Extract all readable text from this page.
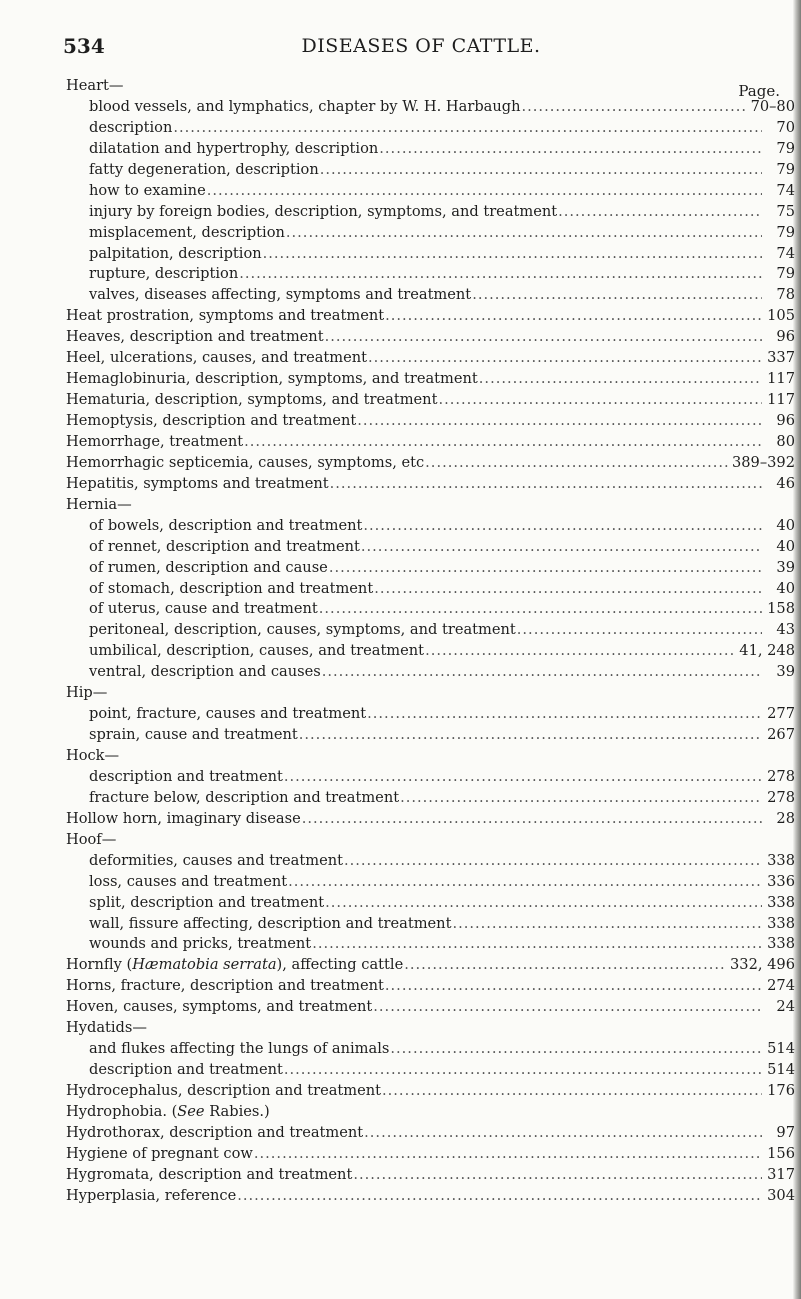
534	DISEASES OF CATTLE.
Page.
Heart—
blood vessels, and lymphatics, chapter by W. H. Harbaugh .....	70–80
description .....	70
dilatation and hypertrophy, description .....	79
fatty degeneration, description .....	79
how to examine .....	74
injury by foreign bodies, description, symptoms, and treatment .....	75
misplacement, description .....	79
palpitation, description .....	74
rupture, description .....	79
valves, diseases affecting, symptoms and treatment .....	78
Heat prostration, symptoms and treatment .....	105
Heaves, description and treatment .....	96
Heel, ulcerations, causes, and treatment .....	337
Hemaglobinuria, description, symptoms, and treatment .....	117
Hematuria, description, symptoms, and treatment .....	117
Hemoptysis, description and treatment .....	96
Hemorrhage, treatment .....	80
Hemorrhagic septicemia, causes, symptoms, etc .....	389–392
Hepatitis, symptoms and treatment .....	46
Hernia—
of bowels, description and treatment .....	40
of rennet, description and treatment .....	40
of rumen, description and cause .....	39
of stomach, description and treatment .....	40
of uterus, cause and treatment .....	158
peritoneal, description, causes, symptoms, and treatment .....	43
umbilical, description, causes, and treatment .....	41, 248
ventral, description and causes .....	39
Hip—
point, fracture, causes and treatment .....	277
sprain, cause and treatment .....	267
Hock—
description and treatment .....	278
fracture below, description and treatment .....	278
Hollow horn, imaginary disease .....	28
Hoof—
deformities, causes and treatment .....	338
loss, causes and treatment .....	336
split, description and treatment .....	338
wall, fissure affecting, description and treatment .....	338
wounds and pricks, treatment .....	338
Hornfly (Hæmatobia serrata), affecting cattle .....	332, 496
Horns, fracture, description and treatment .....	274
Hoven, causes, symptoms, and treatment .....	24
Hydatids—
and flukes affecting the lungs of animals .....	514
description and treatment .....	514
Hydrocephalus, description and treatment .....	176
Hydrophobia. (See Rabies.)
Hydrothorax, description and treatment .....	97
Hygiene of pregnant cow .....	156
Hygromata, description and treatment .....	317
Hyperplasia, reference .....	304
